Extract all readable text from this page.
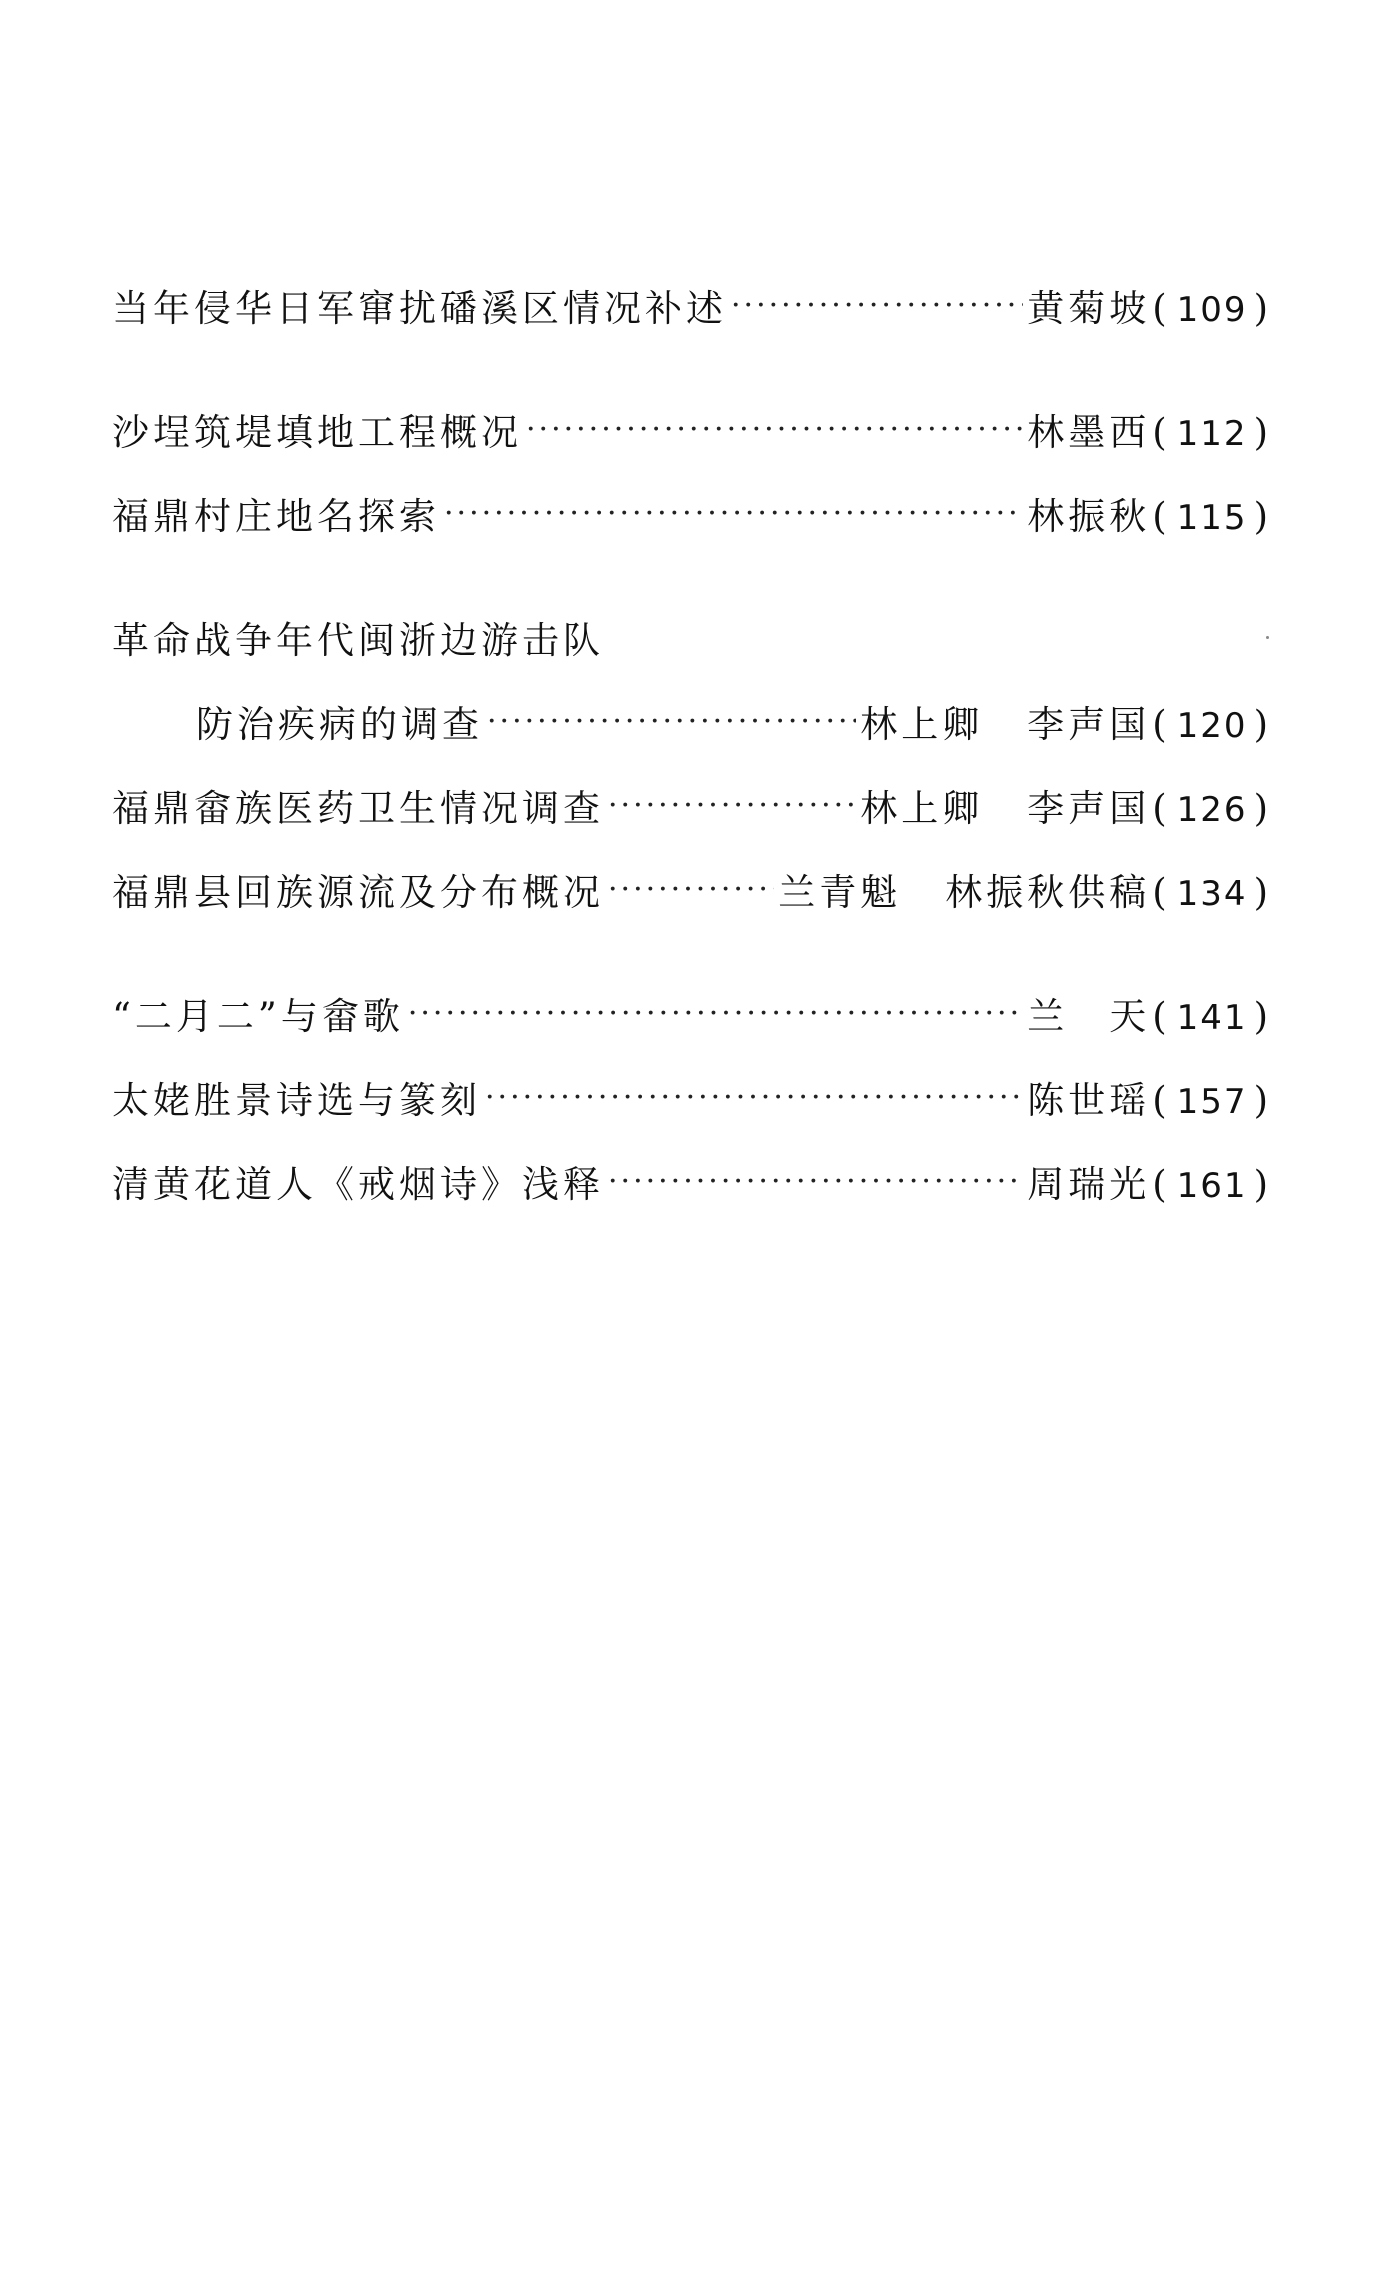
当年侵华日军窜扰磻溪区情况补述 ·····	黄菊坡 ( 109 )
沙埕筑堤填地工程概况 ·····	林墨西 ( 112 )
福鼎村庄地名探索 ·····	林振秋 ( 115 )
革命战争年代闽浙边游击队
防治疾病的调查 ·····	林上卿 李声国 ( 120 )
福鼎畲族医药卫生情况调查 ·····	林上卿 李声国 ( 126 )
福鼎县回族源流及分布概况 ·····	兰青魁 林振秋供稿 ( 134 )
“二月二”与畲歌 ·····	兰　天 ( 141 )
太姥胜景诗选与篆刻 ·····	陈世瑶 ( 157 )
清黄花道人《戒烟诗》浅释 ·····	周瑞光 ( 161 )
